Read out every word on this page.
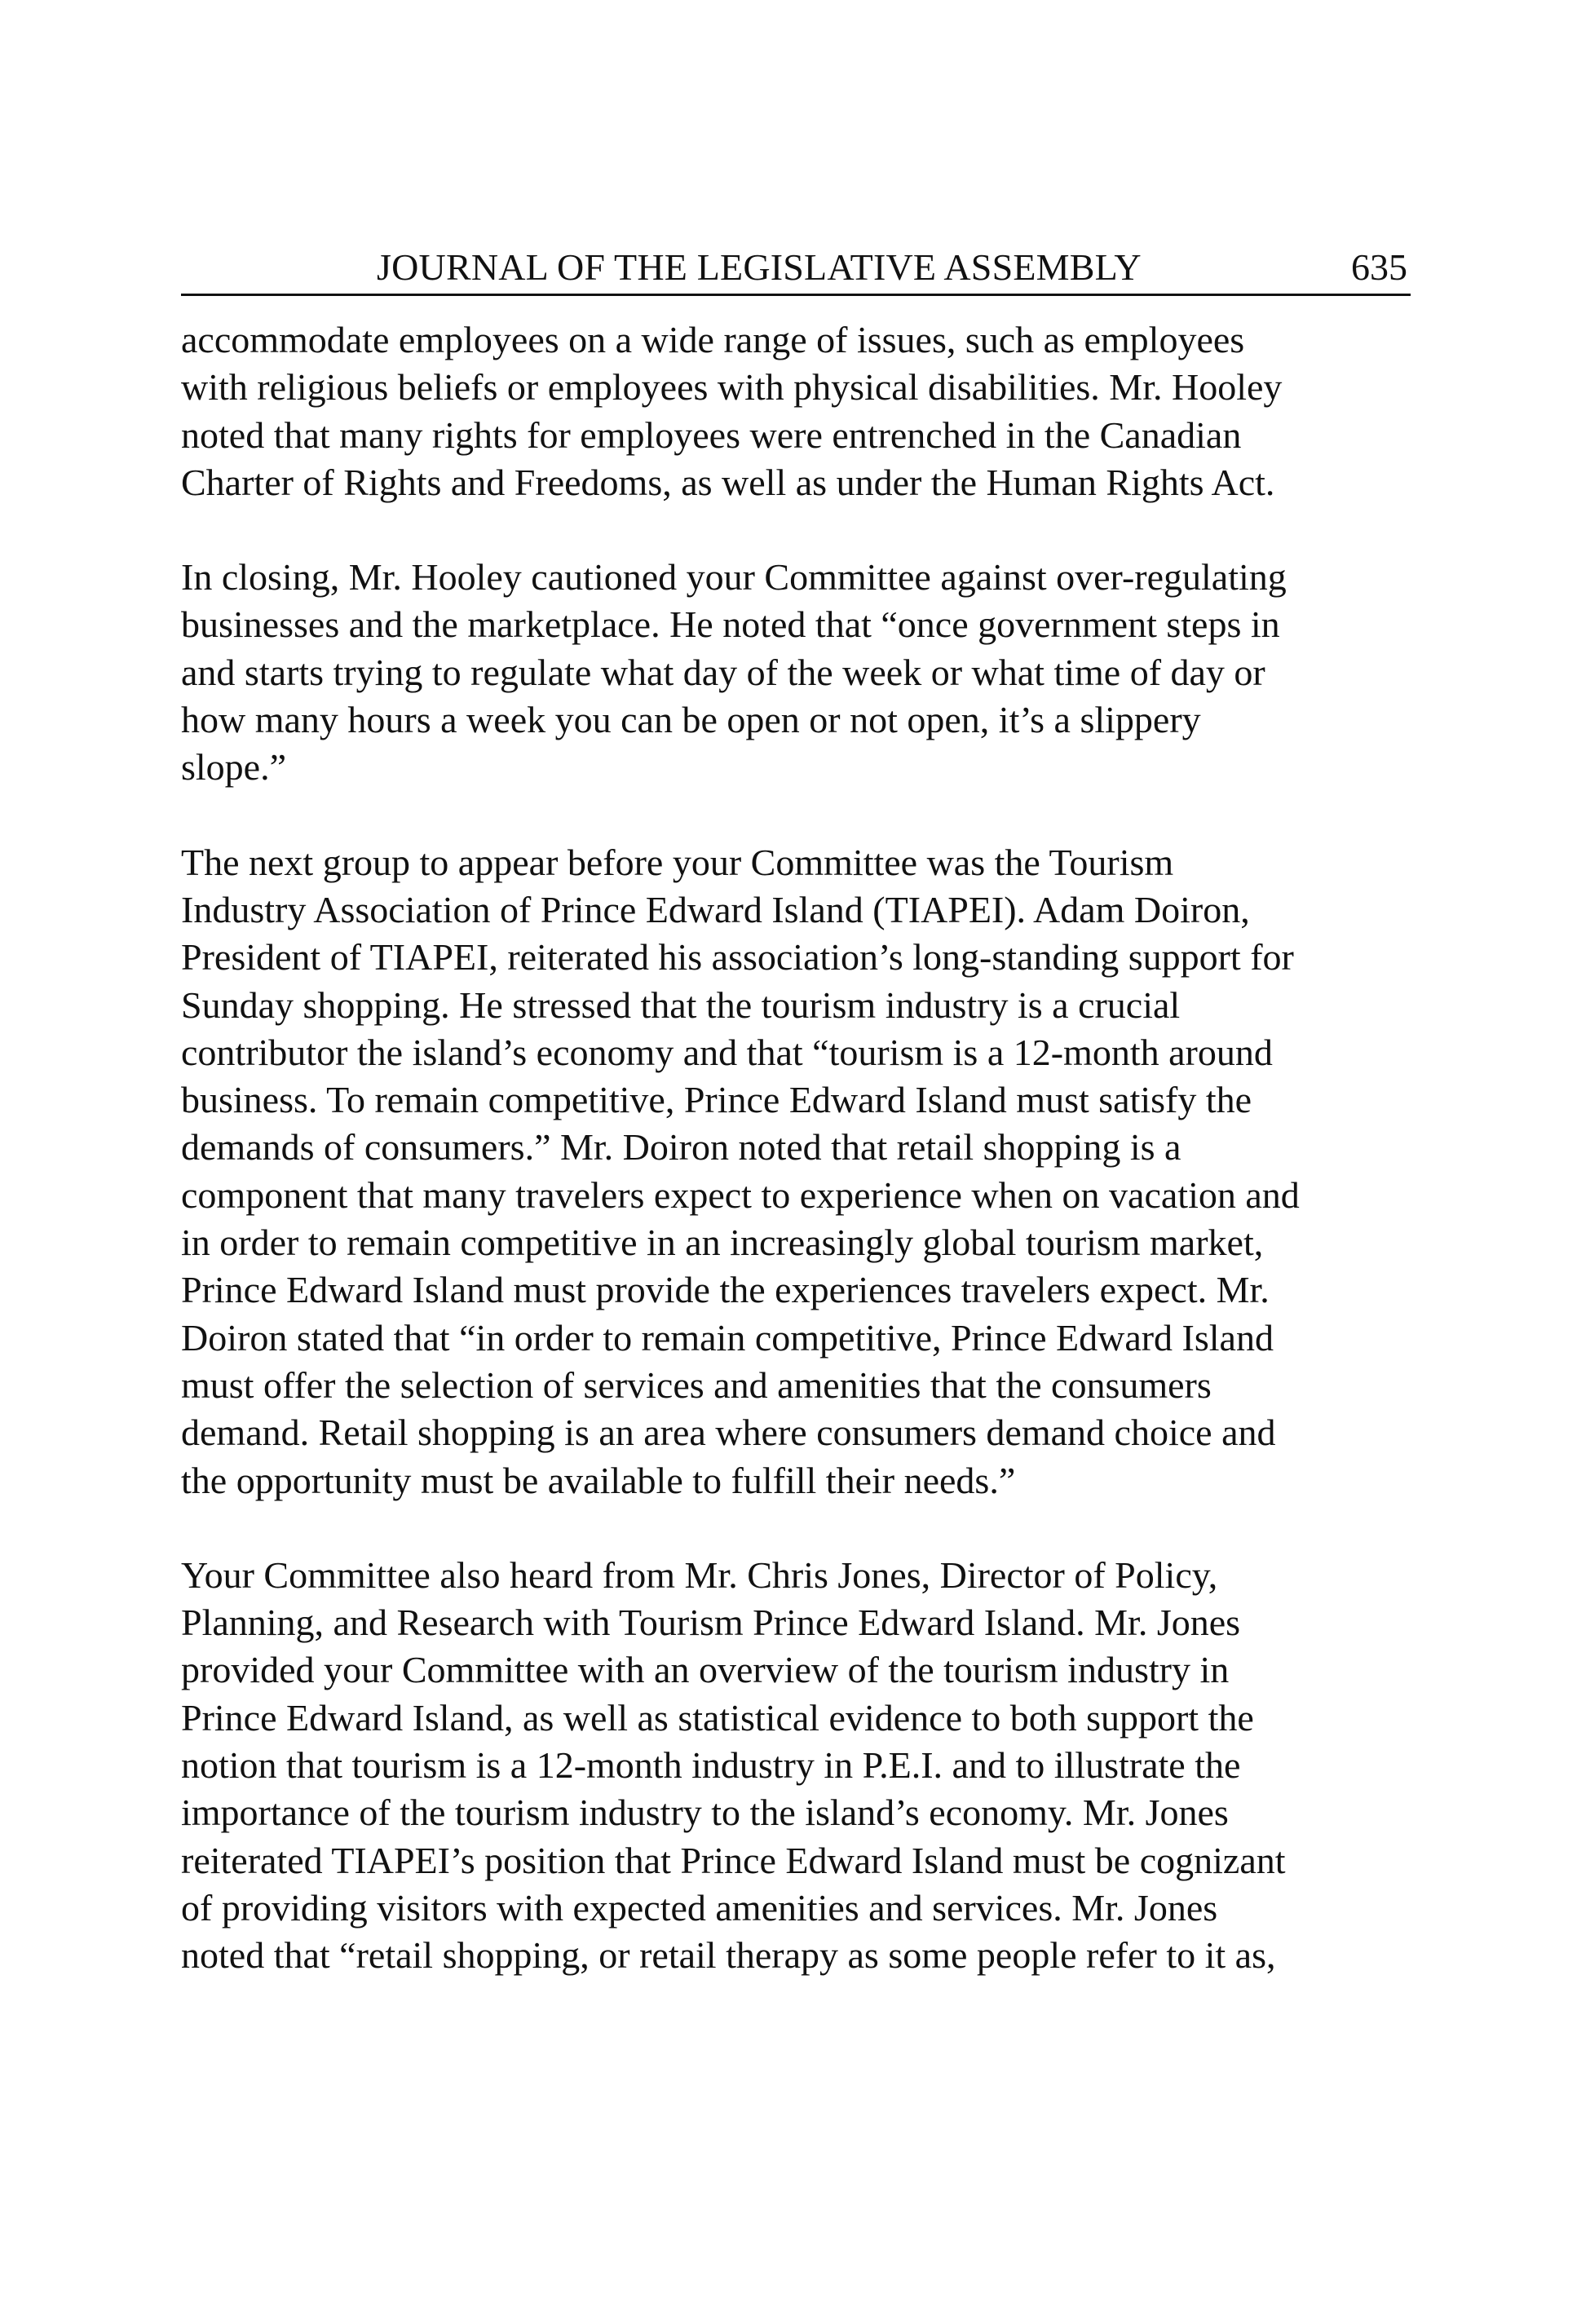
JOURNAL OF THE LEGISLATIVE ASSEMBLY	635
accommodate employees on a wide range of issues, such as employees
with religious beliefs or employees with physical disabilities. Mr. Hooley
noted that many rights for employees were entrenched in the Canadian
Charter of Rights and Freedoms, as well as under the Human Rights Act.
In closing, Mr. Hooley cautioned your Committee against over-regulating
businesses and the marketplace. He noted that “once government steps in
and starts trying to regulate what day of the week or what time of day or
how many hours a week you can be open or not open, it’s a slippery
slope.”
The next group to appear before your Committee was the Tourism
Industry Association of Prince Edward Island (TIAPEI). Adam Doiron,
President of TIAPEI, reiterated his association’s long-standing support for
Sunday shopping. He stressed that the tourism industry is a crucial
contributor the island’s economy and that “tourism is a 12-month around
business. To remain competitive, Prince Edward Island must satisfy the
demands of consumers.” Mr. Doiron noted that retail shopping is a
component that many travelers expect to experience when on vacation and
in order to remain competitive in an increasingly global tourism market,
Prince Edward Island must provide the experiences travelers expect. Mr.
Doiron stated that “in order to remain competitive, Prince Edward Island
must offer the selection of services and amenities that the consumers
demand. Retail shopping is an area where consumers demand choice and
the opportunity must be available to fulfill their needs.”
Your Committee also heard from Mr. Chris Jones, Director of Policy,
Planning, and Research with Tourism Prince Edward Island. Mr. Jones
provided your Committee with an overview of the tourism industry in
Prince Edward Island, as well as statistical evidence to both support the
notion that tourism is a 12-month industry in P.E.I. and to illustrate the
importance of the tourism industry to the island’s economy. Mr. Jones
reiterated TIAPEI’s position that Prince Edward Island must be cognizant
of providing visitors with expected amenities and services. Mr. Jones
noted that “retail shopping, or retail therapy as some people refer to it as,
